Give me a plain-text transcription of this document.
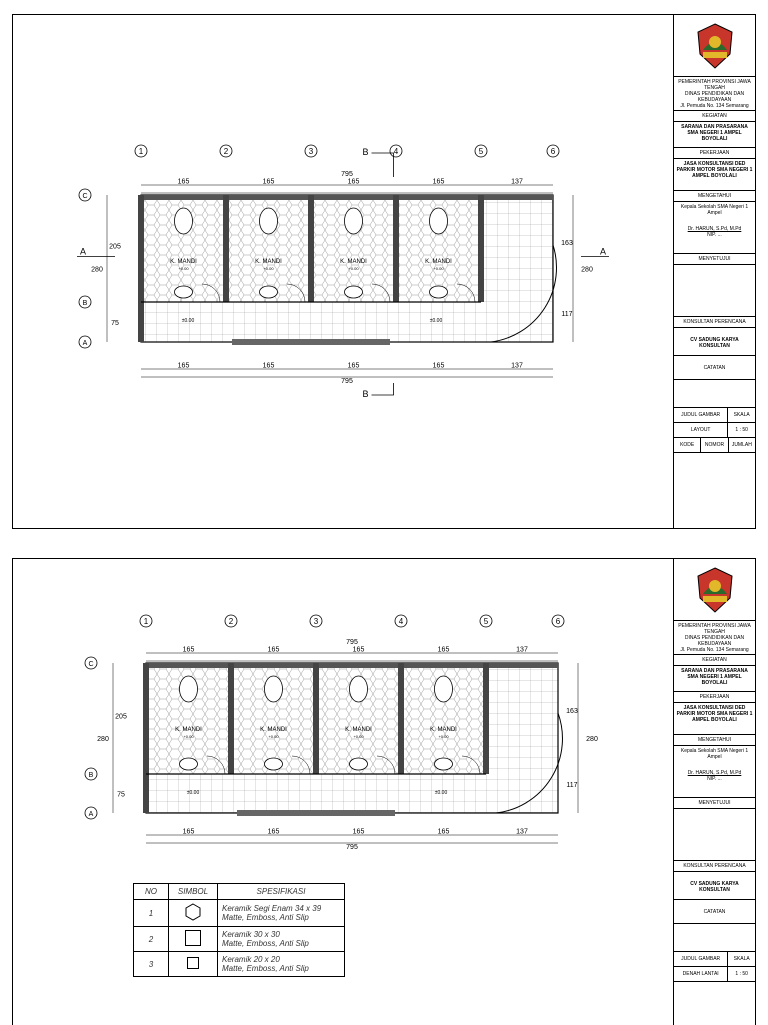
K. MANDI
+0.00
K. MANDI
+0.00
K. MANDI
+0.00
K. MANDI
+0.00
±0.00	±0.00
1	2	3	4	5	6
C
B
A
165	165	165	165	137
795
165	165	165	165	137
795
280
205
75
163
117
280
A	A
B
B
PEMERINTAH PROVINSI JAWA TENGAH
DINAS PENDIDIKAN DAN KEBUDAYAAN
Jl. Pemuda No. 134 Semarang
KEGIATAN
SARANA DAN PRASARANA SMA NEGERI 1 AMPEL BOYOLALI
PEKERJAAN
JASA KONSULTANSI DED PARKIR MOTOR SMA NEGERI 1 AMPEL BOYOLALI
MENGETAHUI
Kepala Sekolah SMA Negeri 1 Ampel
Dr. HARUN, S.Pd, M.Pd
NIP. ...
MENYETUJUI
KONSULTAN PERENCANA
CV SADUNG KARYA KONSULTAN
CATATAN
JUDUL GAMBAR	SKALA
LAYOUT	1 : 50
KODE	NOMOR	JUMLAH
K. MANDI
+0.00
K. MANDI
+0.00
K. MANDI
+0.00
K. MANDI
+0.00
±0.00	±0.00
1	2	3	4	5	6
C
B
A
165	165	165	165	137
795
165	165	165	165	137
795
280
205
75
163
117
280
NO	SIMBOL	SPESIFIKASI
1		Keramik Segi Enam 34 x 39
Matte, Emboss, Anti Slip

2		Keramik 30 x 30
Matte, Emboss, Anti Slip

3		Keramik 20 x 20
Matte, Emboss, Anti Slip
PEMERINTAH PROVINSI JAWA TENGAH
DINAS PENDIDIKAN DAN KEBUDAYAAN
Jl. Pemuda No. 134 Semarang
KEGIATAN
SARANA DAN PRASARANA SMA NEGERI 1 AMPEL BOYOLALI
PEKERJAAN
JASA KONSULTANSI DED PARKIR MOTOR SMA NEGERI 1 AMPEL BOYOLALI
MENGETAHUI
Kepala Sekolah SMA Negeri 1 Ampel
Dr. HARUN, S.Pd, M.Pd
NIP. ...
MENYETUJUI
KONSULTAN PERENCANA
CV SADUNG KARYA KONSULTAN
CATATAN
JUDUL GAMBAR	SKALA
DENAH LANTAI	1 : 50
